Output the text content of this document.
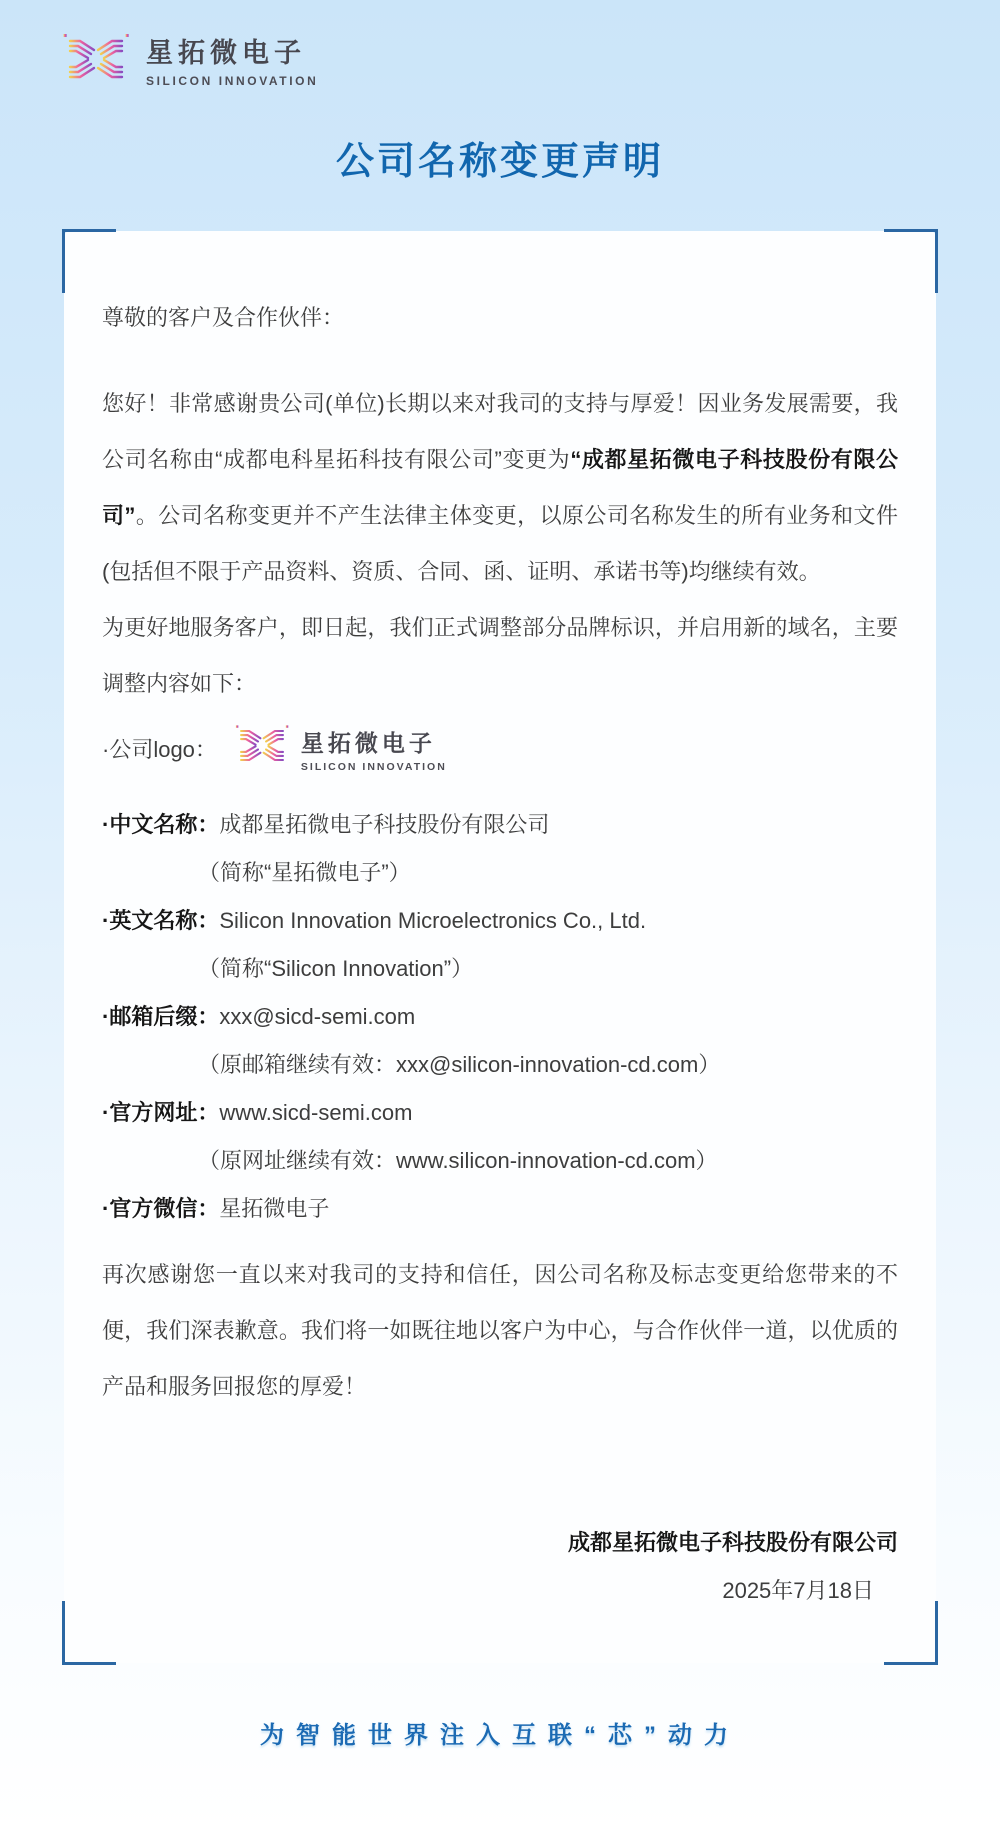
星拓微电子
SILICON INNOVATION
公司名称变更声明

尊敬的客户及合作伙伴：

您好！非常感谢贵公司(单位)长期以来对我司的支持与厚爱！因业务发展需要，我公司名称由“成都电科星拓科技有限公司”变更为“成都星拓微电子科技股份有限公司”。公司名称变更并不产生法律主体变更，以原公司名称发生的所有业务和文件(包括但不限于产品资料、资质、合同、函、证明、承诺书等)均继续有效。

为更好地服务客户，即日起，我们正式调整部分品牌标识，并启用新的域名，主要调整内容如下：

·公司logo：	星拓微电子
SILICON INNOVATION
·中文名称：成都星拓微电子科技股份有限公司
（简称“星拓微电子”）
·英文名称：Silicon Innovation Microelectronics Co., Ltd.
（简称“Silicon Innovation”）
·邮箱后缀：xxx@sicd-semi.com
（原邮箱继续有效：xxx@silicon-innovation-cd.com）
·官方网址：www.sicd-semi.com
（原网址继续有效：www.silicon-innovation-cd.com）
·官方微信：星拓微电子

再次感谢您一直以来对我司的支持和信任，因公司名称及标志变更给您带来的不便，我们深表歉意。我们将一如既往地以客户为中心，与合作伙伴一道，以优质的产品和服务回报您的厚爱！

成都星拓微电子科技股份有限公司
2025年7月18日
为智能世界注入互联“芯”动力
